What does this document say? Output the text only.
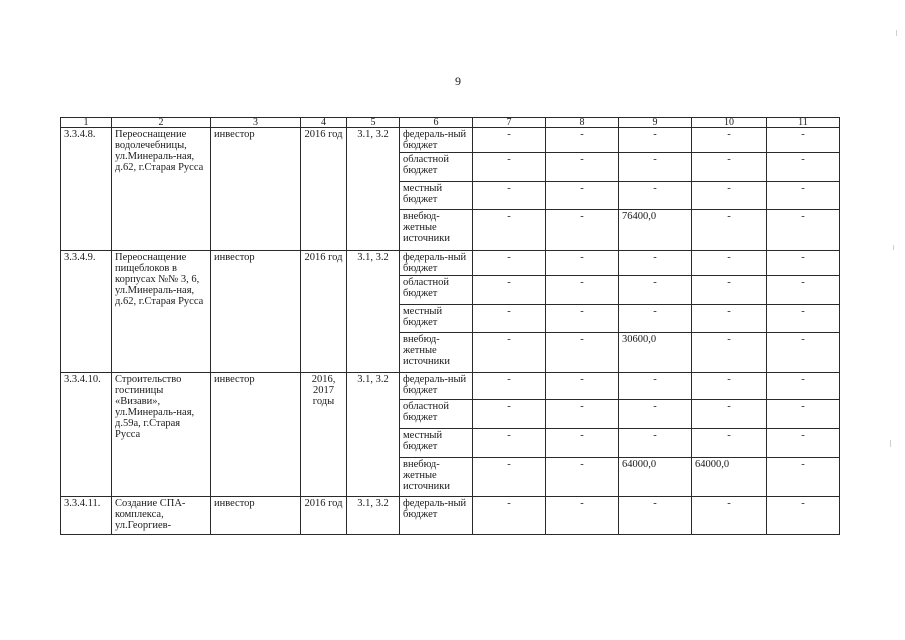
9
1	2	3	4	5	6	7	8	9	10	11
3.3.4.8.	Переоснащение водолечебницы, ул.Минераль-ная, д.62, г.Старая Русса	инвестор	2016 год	3.1, 3.2	федераль-ный бюджет	-	-	-	-	-
					областной бюджет	-	-	-	-	-
					местный бюджет	-	-	-	-	-
					внебюд-жетные источники	-	-	76400,0	-	-
3.3.4.9.	Переоснащение пищеблоков в корпусах №№ 3, 6, ул.Минераль-ная, д.62, г.Старая Русса	инвестор	2016 год	3.1, 3.2	федераль-ный бюджет	-	-	-	-	-
					областной бюджет	-	-	-	-	-
					местный бюджет	-	-	-	-	-
					внебюд-жетные источники	-	-	30600,0	-	-
3.3.4.10.	Строительство гостиницы «Визави», ул.Минераль-ная, д.59а, г.Старая Русса	инвестор	2016, 2017 годы	3.1, 3.2	федераль-ный бюджет	-	-	-	-	-
					областной бюджет	-	-	-	-	-
					местный бюджет	-	-	-	-	-
					внебюд-жетные источники	-	-	64000,0	64000,0	-
3.3.4.11.	Создание СПА-комплекса, ул.Георгиев-	инвестор	2016 год	3.1, 3.2	федераль-ный бюджет	-	-	-	-	-
